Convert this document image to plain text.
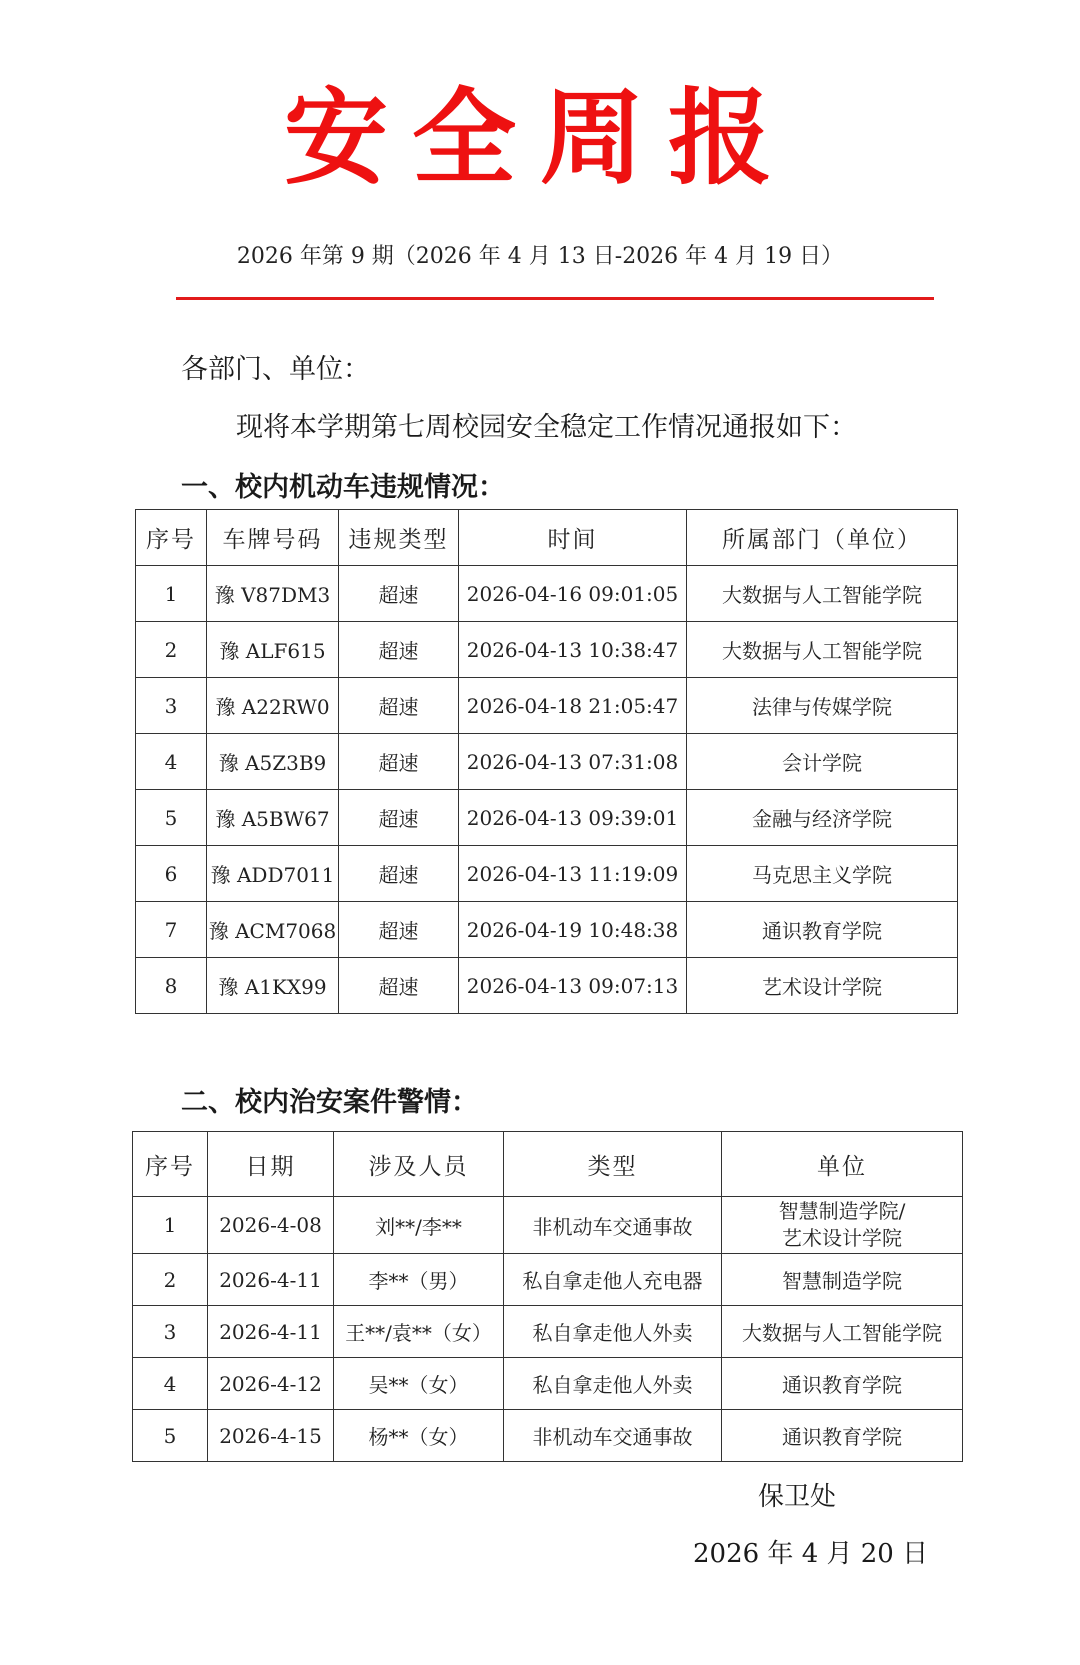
安全周报
2026 年第 9 期（2026 年 4 月 13 日-2026 年 4 月 19 日）
各部门、单位：
现将本学期第七周校园安全稳定工作情况通报如下：
一、校内机动车违规情况：
序号	车牌号码	违规类型	时间	所属部门（单位）
1	豫 V87DM3	超速	2026-04-16 09:01:05	大数据与人工智能学院
2	豫 ALF615	超速	2026-04-13 10:38:47	大数据与人工智能学院
3	豫 A22RW0	超速	2026-04-18 21:05:47	法律与传媒学院
4	豫 A5Z3B9	超速	2026-04-13 07:31:08	会计学院
5	豫 A5BW67	超速	2026-04-13 09:39:01	金融与经济学院
6	豫 ADD7011	超速	2026-04-13 11:19:09	马克思主义学院
7	豫 ACM7068	超速	2026-04-19 10:48:38	通识教育学院
8	豫 A1KX99	超速	2026-04-13 09:07:13	艺术设计学院
二、校内治安案件警情：
序号	日期	涉及人员	类型	单位
1	2026-4-08	刘**/李**	非机动车交通事故	智慧制造学院/
艺术设计学院
2	2026-4-11	李**（男）	私自拿走他人充电器	智慧制造学院
3	2026-4-11	王**/袁**（女）	私自拿走他人外卖	大数据与人工智能学院
4	2026-4-12	吴**（女）	私自拿走他人外卖	通识教育学院
5	2026-4-15	杨**（女）	非机动车交通事故	通识教育学院
保卫处
2026 年 4 月 20 日
